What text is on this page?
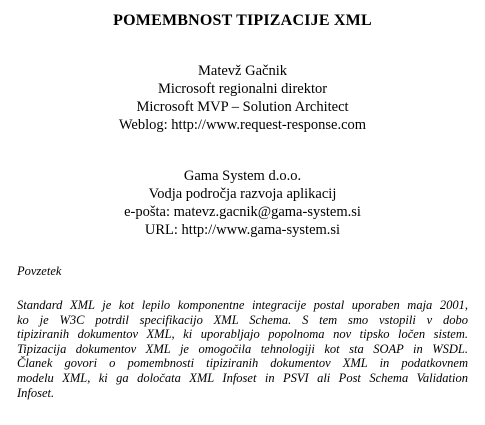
POMEMBNOST TIPIZACIJE XML
Matevž Gačnik
Microsoft regionalni direktor
Microsoft MVP – Solution Architect
Weblog: http://www.request-response.com
Gama System d.o.o.
Vodja področja razvoja aplikacij
e-pošta: matevz.gacnik@gama-system.si
URL: http://www.gama-system.si
Povzetek
Standard XML je kot lepilo komponentne integracije postal uporaben maja 2001,
ko je W3C potrdil specifikacijo XML Schema. S tem smo vstopili v dobo
tipiziranih dokumentov XML, ki uporabljajo popolnoma nov tipsko ločen sistem.
Tipizacija dokumentov XML je omogočila tehnologiji kot sta SOAP in WSDL.
Članek govori o pomembnosti tipiziranih dokumentov XML in podatkovnem
modelu XML, ki ga določata XML Infoset in PSVI ali Post Schema Validation
Infoset.
